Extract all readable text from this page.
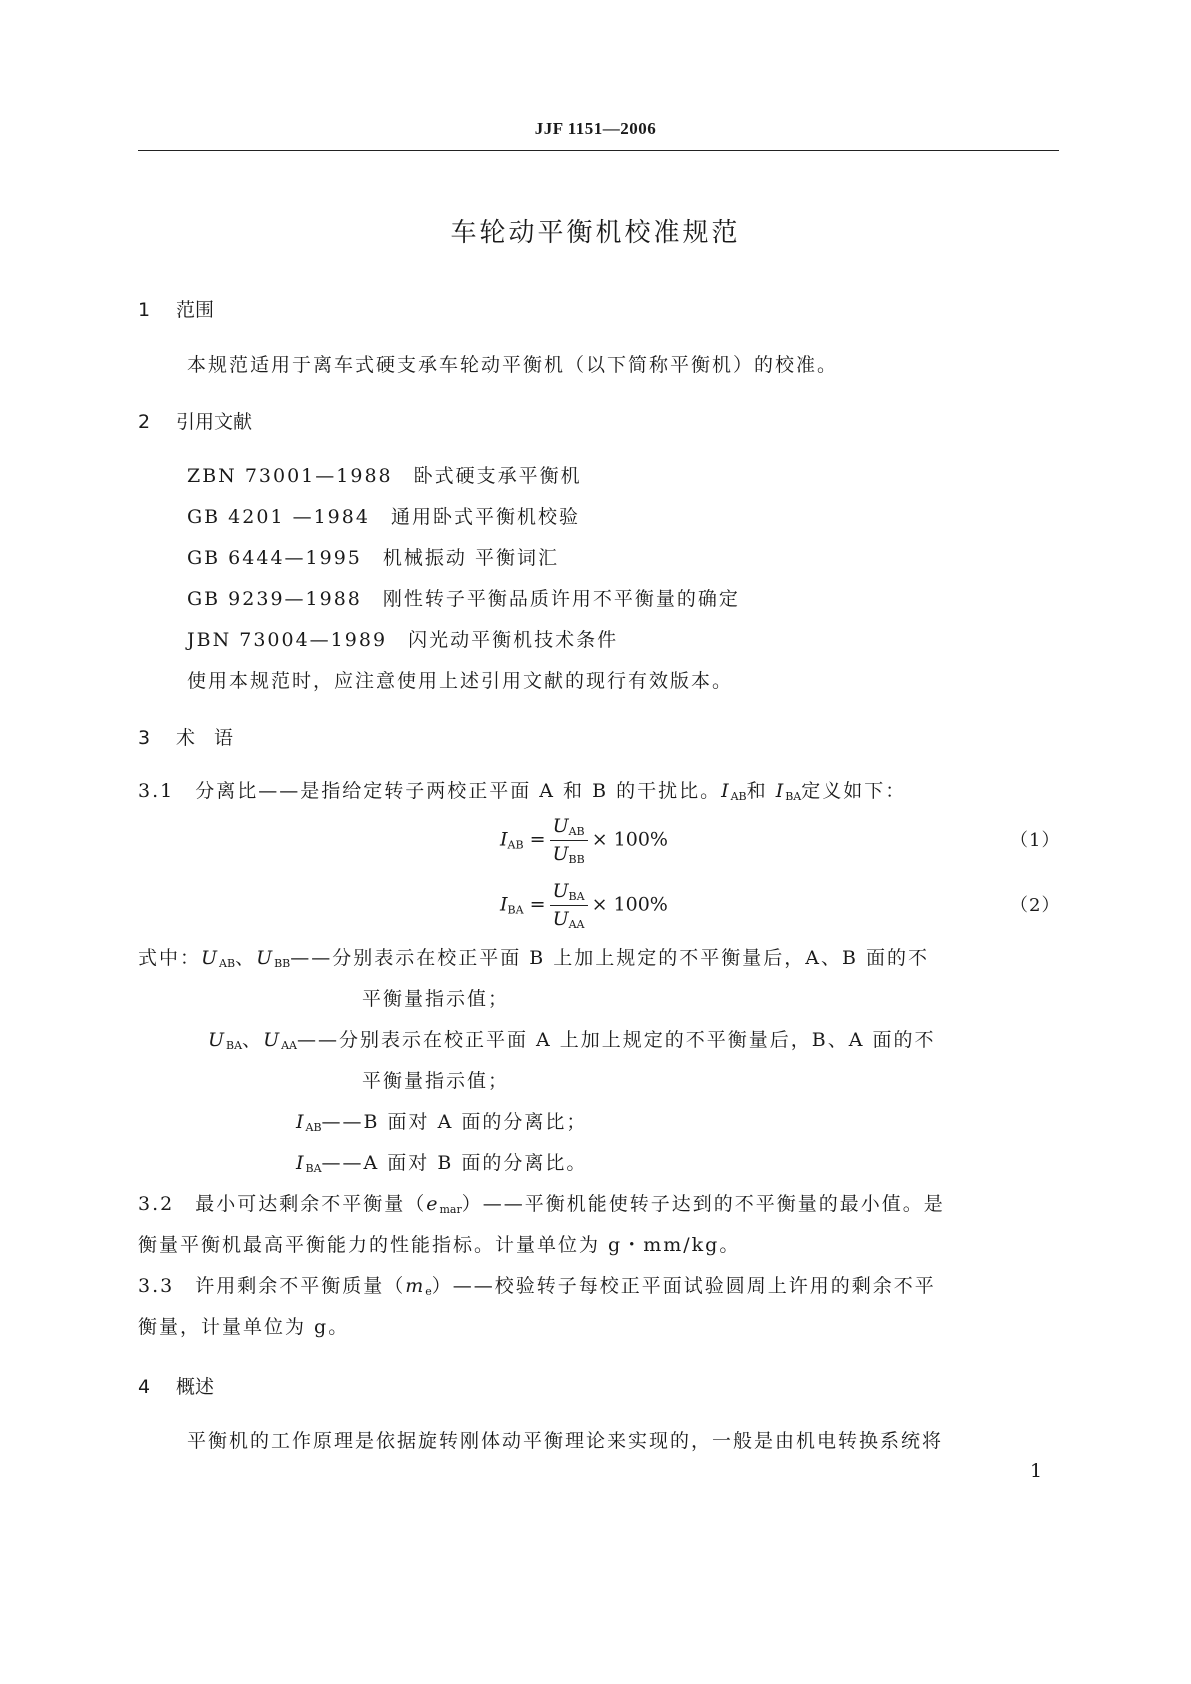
JJF 1151—2006
车轮动平衡机校准规范
1 范围
本规范适用于离车式硬支承车轮动平衡机（以下简称平衡机）的校准。
2 引用文献
ZBN 73001—1988　 卧式硬支承平衡机
GB 4201 —1984　 通用卧式平衡机校验
GB 6444—1995　 机械振动 平衡词汇
GB 9239—1988　 刚性转子平衡品质许用不平衡量的确定
JBN 73004—1989　 闪光动平衡机技术条件
使用本规范时，应注意使用上述引用文献的现行有效版本。
3 术　语
3.1　 分离比——是指给定转子两校正平面 A 和 B 的干扰比。$I_{AB}$和 $I_{BA}$定义如下：
$I_{AB} = \frac{U_{AB}}{U_{BB}} \times 100\%$	（1）
$I_{BA} = \frac{U_{BA}}{U_{AA}} \times 100\%$	（2）
式中：$U_{AB}$、$U_{BB}——$分别表示在校正平面 B 上加上规定的不平衡量后，A、B 面的不
平衡量指示值；
$U_{BA}$、$U_{AA}——$分别表示在校正平面 A 上加上规定的不平衡量后，B、A 面的不
平衡量指示值；
$I_{AB}——B$ 面对 A 面的分离比；
$I_{BA}——A$ 面对 B 面的分离比。
3.2　 最小可达剩余不平衡量$(e_{mar})——$平衡机能使转子达到的不平衡量的最小值。是
衡量平衡机最高平衡能力的性能指标。计量单位为 g・mm/kg。
3.3　 许用剩余不平衡质量$(m_e)——$校验转子每校正平面试验圆周上许用的剩余不平
衡量，计量单位为 g。
4 概述
平衡机的工作原理是依据旋转刚体动平衡理论来实现的，一般是由机电转换系统将
1
